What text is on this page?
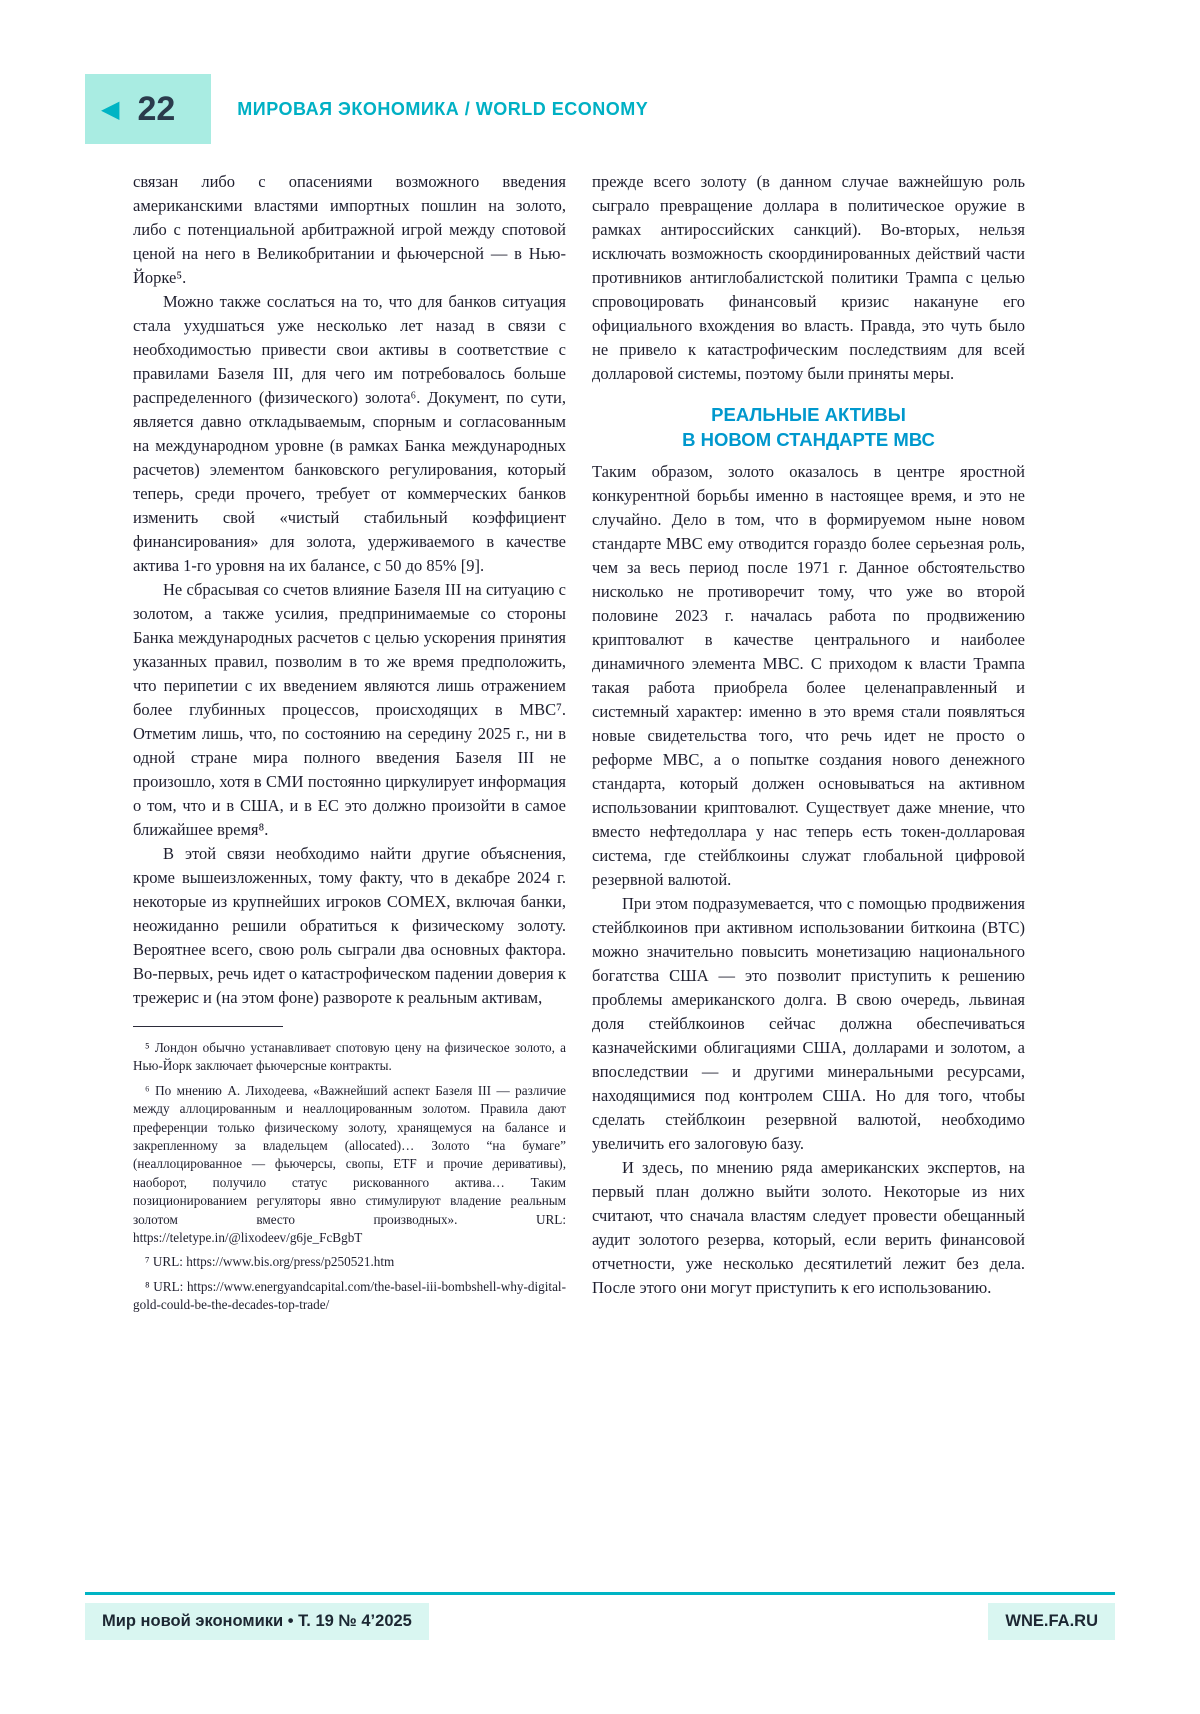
◀ 22	МИРОВАЯ ЭКОНОМИКА / WORLD ECONOMY

связан либо с опасениями возможного введения американскими властями импортных пошлин на золото, либо с потенциальной арбитражной игрой между спотовой ценой на него в Великобритании и фьючерсной — в Нью-Йорке⁵.

Можно также сослаться на то, что для банков ситуация стала ухудшаться уже несколько лет назад в связи с необходимостью привести свои активы в соответствие с правилами Базеля III, для чего им потребовалось больше распределенного (физического) золота⁶. Документ, по сути, является давно откладываемым, спорным и согласованным на международном уровне (в рамках Банка международных расчетов) элементом банковского регулирования, который теперь, среди прочего, требует от коммерческих банков изменить свой «чистый стабильный коэффициент финансирования» для золота, удерживаемого в качестве актива 1-го уровня на их балансе, с 50 до 85% [9].

Не сбрасывая со счетов влияние Базеля III на ситуацию с золотом, а также усилия, предпринимаемые со стороны Банка международных расчетов с целью ускорения принятия указанных правил, позволим в то же время предположить, что перипетии с их введением являются лишь отражением более глубинных процессов, происходящих в МВС⁷. Отметим лишь, что, по состоянию на середину 2025 г., ни в одной стране мира полного введения Базеля III не произошло, хотя в СМИ постоянно циркулирует информация о том, что и в США, и в ЕС это должно произойти в самое ближайшее время⁸.

В этой связи необходимо найти другие объяснения, кроме вышеизложенных, тому факту, что в декабре 2024 г. некоторые из крупнейших игроков COMEX, включая банки, неожиданно решили обратиться к физическому золоту. Вероятнее всего, свою роль сыграли два основных фактора. Во-первых, речь идет о катастрофическом падении доверия к трежерис и (на этом фоне) развороте к реальным активам,

⁵ Лондон обычно устанавливает спотовую цену на физическое золото, а Нью-Йорк заключает фьючерсные контракты.

⁶ По мнению А. Лиходеева, «Важнейший аспект Базеля III — различие между аллоцированным и неаллоцированным золотом. Правила дают преференции только физическому золоту, хранящемуся на балансе и закрепленному за владельцем (allocated)… Золото “на бумаге” (неаллоцированное — фьючерсы, свопы, ETF и прочие деривативы), наоборот, получило статус рискованного актива… Таким позиционированием регуляторы явно стимулируют владение реальным золотом вместо производных». URL: https://teletype.in/@lixodeev/g6je_FcBgbT

⁷ URL: https://www.bis.org/press/p250521.htm

⁸ URL: https://www.energyandcapital.com/the-basel-iii-bombshell-why-digital-gold-could-be-the-decades-top-trade/

прежде всего золоту (в данном случае важнейшую роль сыграло превращение доллара в политическое оружие в рамках антироссийских санкций). Во-вторых, нельзя исключать возможность скоординированных действий части противников антиглобалистской политики Трампа с целью спровоцировать финансовый кризис накануне его официального вхождения во власть. Правда, это чуть было не привело к катастрофическим последствиям для всей долларовой системы, поэтому были приняты меры.

РЕАЛЬНЫЕ АКТИВЫ
В НОВОМ СТАНДАРТЕ МВС

Таким образом, золото оказалось в центре яростной конкурентной борьбы именно в настоящее время, и это не случайно. Дело в том, что в формируемом ныне новом стандарте МВС ему отводится гораздо более серьезная роль, чем за весь период после 1971 г. Данное обстоятельство нисколько не противоречит тому, что уже во второй половине 2023 г. началась работа по продвижению криптовалют в качестве центрального и наиболее динамичного элемента МВС. С приходом к власти Трампа такая работа приобрела более целенаправленный и системный характер: именно в это время стали появляться новые свидетельства того, что речь идет не просто о реформе МВС, а о попытке создания нового денежного стандарта, который должен основываться на активном использовании криптовалют. Существует даже мнение, что вместо нефтедоллара у нас теперь есть токен-долларовая система, где стейблкоины служат глобальной цифровой резервной валютой.

При этом подразумевается, что с помощью продвижения стейблкоинов при активном использовании биткоина (BTC) можно значительно повысить монетизацию национального богатства США — это позволит приступить к решению проблемы американского долга. В свою очередь, львиная доля стейблкоинов сейчас должна обеспечиваться казначейскими облигациями США, долларами и золотом, а впоследствии — и другими минеральными ресурсами, находящимися под контролем США. Но для того, чтобы сделать стейблкоин резервной валютой, необходимо увеличить его залоговую базу.

И здесь, по мнению ряда американских экспертов, на первый план должно выйти золото. Некоторые из них считают, что сначала властям следует провести обещанный аудит золотого резерва, который, если верить финансовой отчетности, уже несколько десятилетий лежит без дела. После этого они могут приступить к его использованию.

Мир новой экономики • Т. 19 № 4’2025	WNE.FA.RU
